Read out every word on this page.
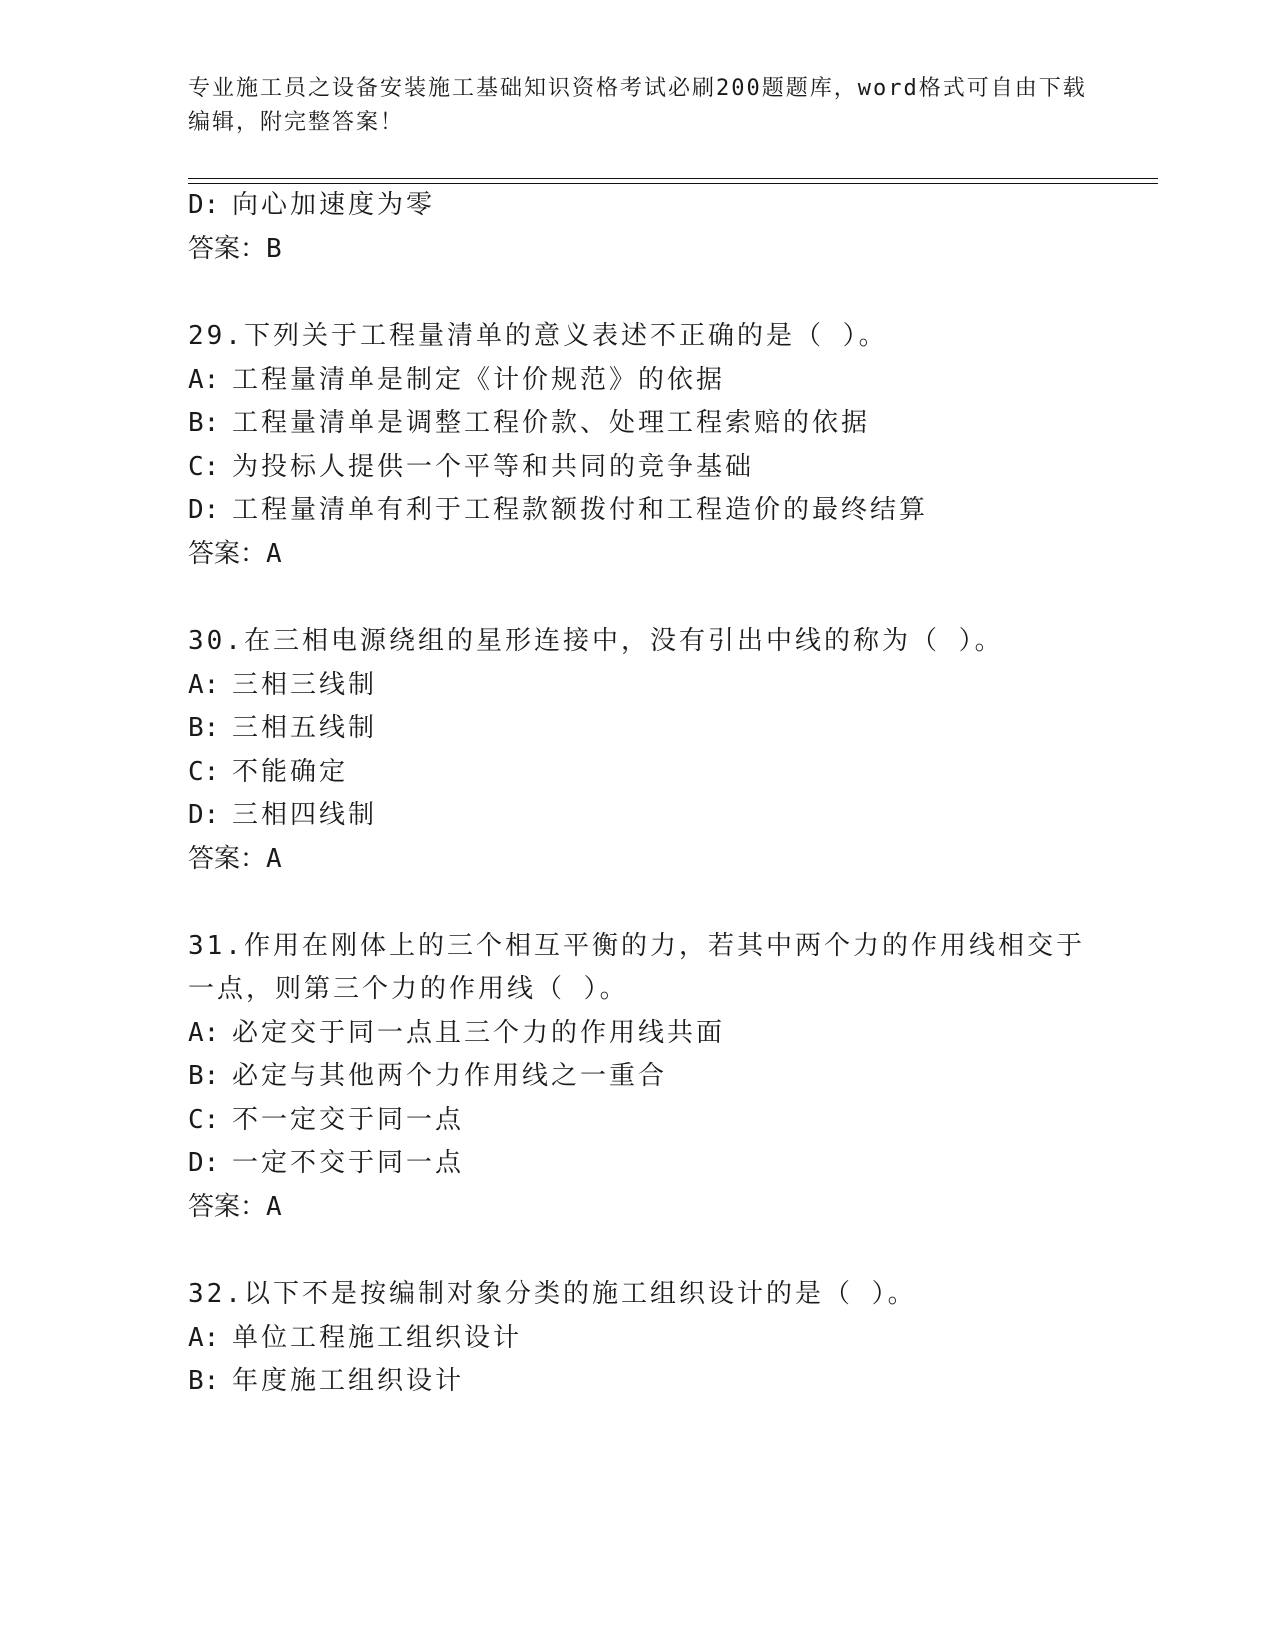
专业施工员之设备安装施工基础知识资格考试必刷200题题库，word格式可自由下载编辑，附完整答案！
D: 向心加速度为零
答案：B
29.下列关于工程量清单的意义表述不正确的是（ ）。
A: 工程量清单是制定《计价规范》的依据
B: 工程量清单是调整工程价款、处理工程索赔的依据
C: 为投标人提供一个平等和共同的竞争基础
D: 工程量清单有利于工程款额拨付和工程造价的最终结算
答案：A
30.在三相电源绕组的星形连接中，没有引出中线的称为（ ）。
A: 三相三线制
B: 三相五线制
C: 不能确定
D: 三相四线制
答案：A
31.作用在刚体上的三个相互平衡的力，若其中两个力的作用线相交于
一点，则第三个力的作用线（ ）。
A: 必定交于同一点且三个力的作用线共面
B: 必定与其他两个力作用线之一重合
C: 不一定交于同一点
D: 一定不交于同一点
答案：A
32.以下不是按编制对象分类的施工组织设计的是（ ）。
A: 单位工程施工组织设计
B: 年度施工组织设计
